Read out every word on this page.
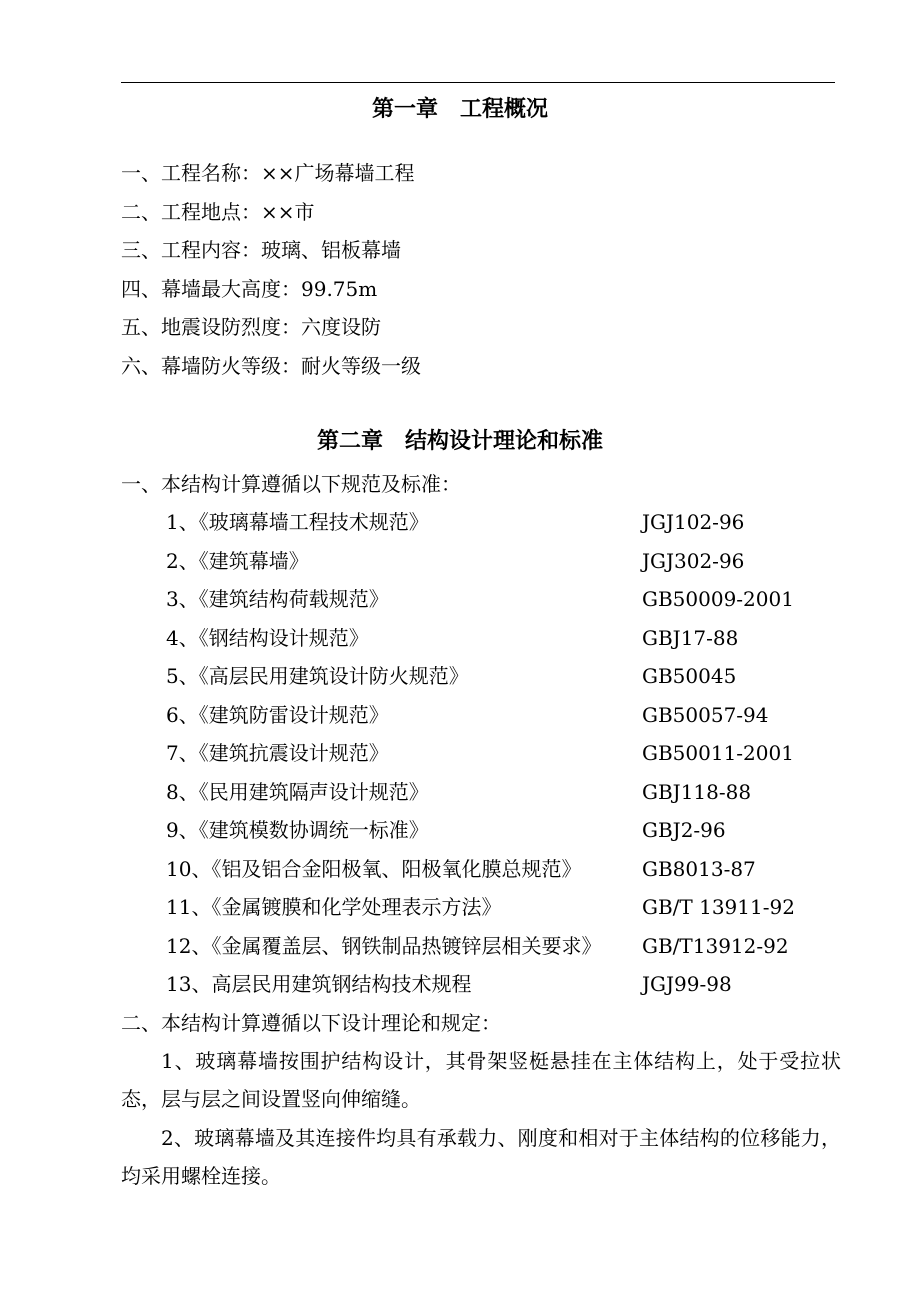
第一章　工程概况
一、工程名称：××广场幕墙工程
二、工程地点：××市
三、工程内容：玻璃、铝板幕墙
四、幕墙最大高度：99.75m
五、地震设防烈度：六度设防
六、幕墙防火等级：耐火等级一级
第二章　结构设计理论和标准
一、本结构计算遵循以下规范及标准：
1、《玻璃幕墙工程技术规范》	JGJ102-96
2、《建筑幕墙》	JGJ302-96
3、《建筑结构荷载规范》	GB50009-2001
4、《钢结构设计规范》	GBJ17-88
5、《高层民用建筑设计防火规范》	GB50045
6、《建筑防雷设计规范》	GB50057-94
7、《建筑抗震设计规范》	GB50011-2001
8、《民用建筑隔声设计规范》	GBJ118-88
9、《建筑模数协调统一标准》	GBJ2-96
10、《铝及铝合金阳极氧、阳极氧化膜总规范》	GB8013-87
11、《金属镀膜和化学处理表示方法》	GB/T 13911-92
12、《金属覆盖层、钢铁制品热镀锌层相关要求》 GB/T13912-92
13、高层民用建筑钢结构技术规程	JGJ99-98
二、本结构计算遵循以下设计理论和规定：
1、玻璃幕墙按围护结构设计，其骨架竖梃悬挂在主体结构上，处于受拉状态，层与层之间设置竖向伸缩缝。
2、玻璃幕墙及其连接件均具有承载力、刚度和相对于主体结构的位移能力，均采用螺栓连接。
